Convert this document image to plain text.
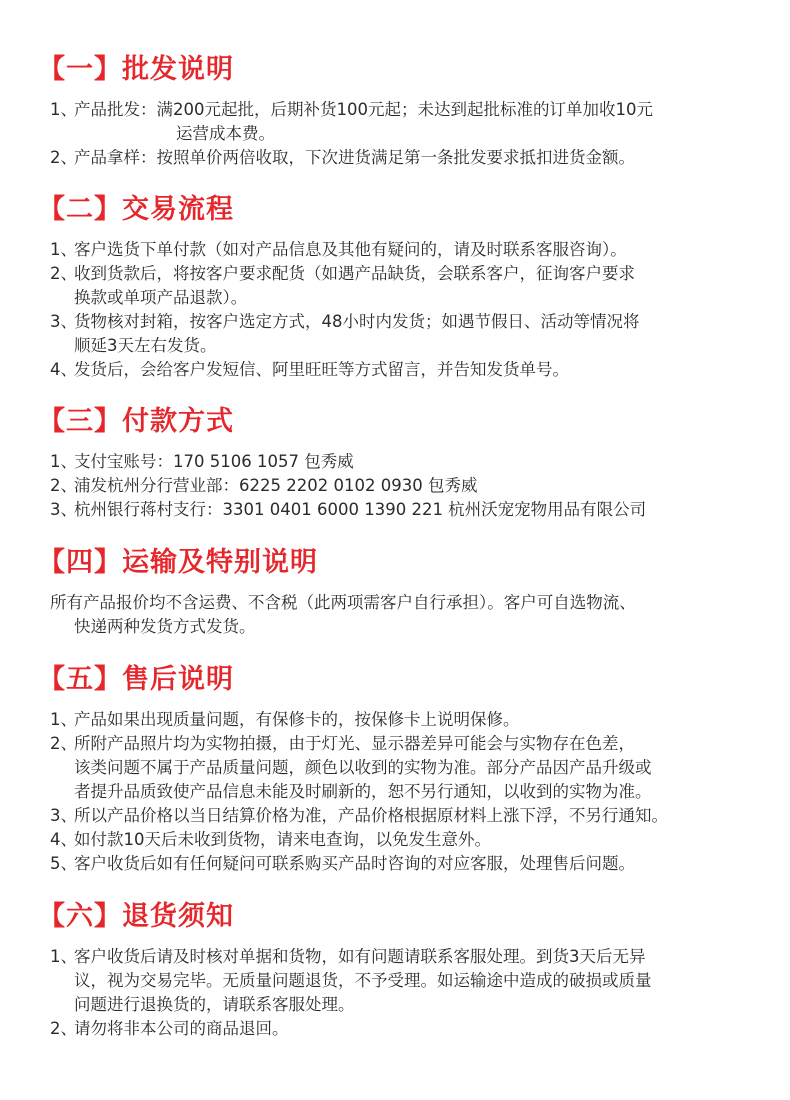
【一】批发说明
1、产品批发：满200元起批，后期补货100元起；未达到起批标准的订单加收10元
运营成本费。
2、产品拿样：按照单价两倍收取，下次进货满足第一条批发要求抵扣进货金额。
【二】交易流程
1、客户选货下单付款（如对产品信息及其他有疑问的，请及时联系客服咨询）。
2、收到货款后，将按客户要求配货（如遇产品缺货，会联系客户，征询客户要求
换款或单项产品退款）。
3、货物核对封箱，按客户选定方式，48小时内发货；如遇节假日、活动等情况将
顺延3天左右发货。
4、发货后，会给客户发短信、阿里旺旺等方式留言，并告知发货单号。
【三】付款方式
1、支付宝账号：170 5106 1057 包秀威
2、浦发杭州分行营业部：6225 2202 0102 0930 包秀威
3、杭州银行蒋村支行：3301 0401 6000 1390 221 杭州沃宠宠物用品有限公司
【四】运输及特别说明
所有产品报价均不含运费、不含税（此两项需客户自行承担）。客户可自选物流、
快递两种发货方式发货。
【五】售后说明
1、产品如果出现质量问题，有保修卡的，按保修卡上说明保修。
2、所附产品照片均为实物拍摄，由于灯光、显示器差异可能会与实物存在色差，
该类问题不属于产品质量问题，颜色以收到的实物为准。部分产品因产品升级或
者提升品质致使产品信息未能及时刷新的，恕不另行通知，以收到的实物为准。
3、所以产品价格以当日结算价格为准，产品价格根据原材料上涨下浮，不另行通知。
4、如付款10天后未收到货物，请来电查询，以免发生意外。
5、客户收货后如有任何疑问可联系购买产品时咨询的对应客服，处理售后问题。
【六】退货须知
1、客户收货后请及时核对单据和货物，如有问题请联系客服处理。到货3天后无异
议，视为交易完毕。无质量问题退货，不予受理。如运输途中造成的破损或质量
问题进行退换货的，请联系客服处理。
2、请勿将非本公司的商品退回。
